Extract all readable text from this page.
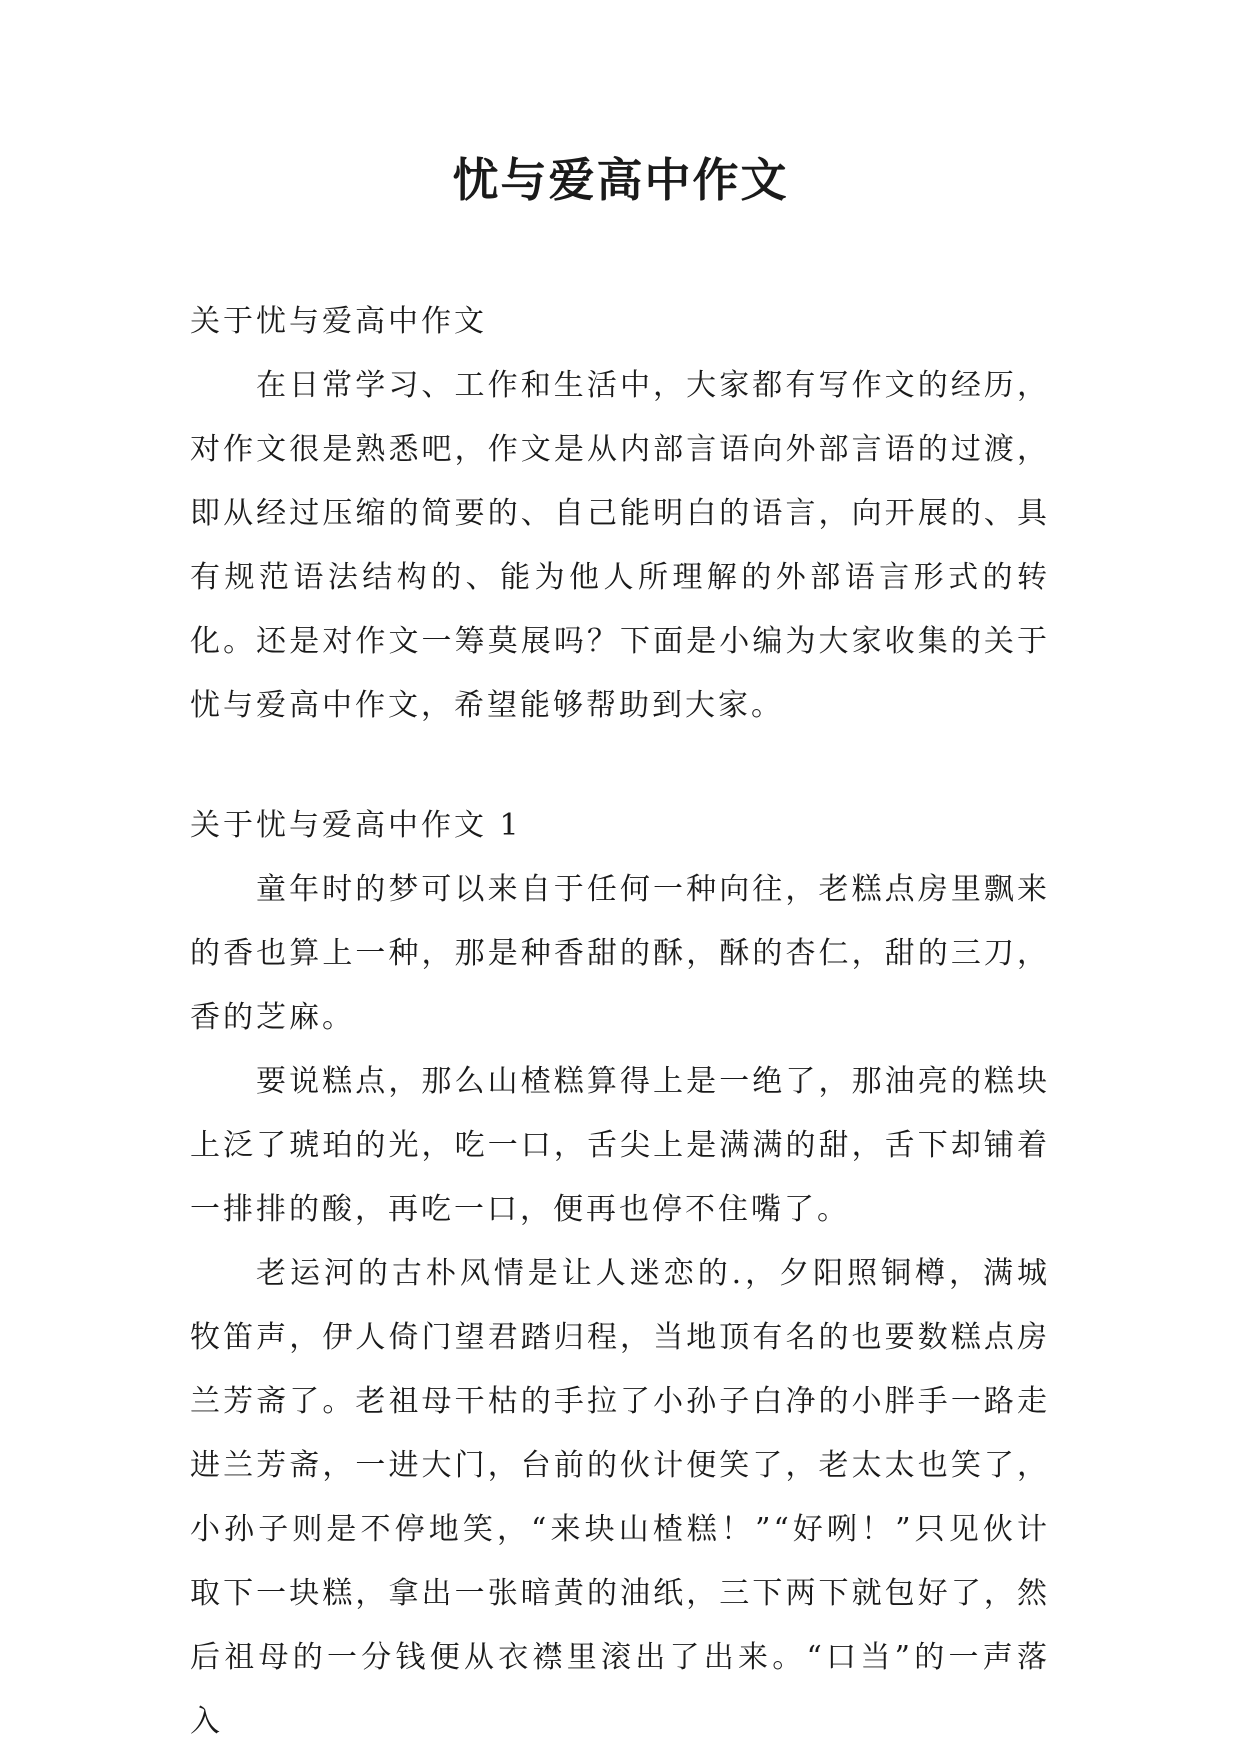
忧与爱高中作文

关于忧与爱高中作文

在日常学习、工作和生活中，大家都有写作文的经历，对作文很是熟悉吧，作文是从内部言语向外部言语的过渡，即从经过压缩的简要的、自己能明白的语言，向开展的、具有规范语法结构的、能为他人所理解的外部语言形式的转化。还是对作文一筹莫展吗？下面是小编为大家收集的关于忧与爱高中作文，希望能够帮助到大家。

关于忧与爱高中作文 1

童年时的梦可以来自于任何一种向往，老糕点房里飘来的香也算上一种，那是种香甜的酥，酥的杏仁，甜的三刀，香的芝麻。

要说糕点，那么山楂糕算得上是一绝了，那油亮的糕块上泛了琥珀的光，吃一口，舌尖上是满满的甜，舌下却铺着一排排的酸，再吃一口，便再也停不住嘴了。

老运河的古朴风情是让人迷恋的.，夕阳照铜樽，满城牧笛声，伊人倚门望君踏归程，当地顶有名的也要数糕点房兰芳斋了。老祖母干枯的手拉了小孙子白净的小胖手一路走进兰芳斋，一进大门，台前的伙计便笑了，老太太也笑了，小孙子则是不停地笑，“来块山楂糕！”“好咧！”只见伙计取下一块糕，拿出一张暗黄的油纸，三下两下就包好了，然后祖母的一分钱便从衣襟里滚出了出来。“口当”的一声落入
